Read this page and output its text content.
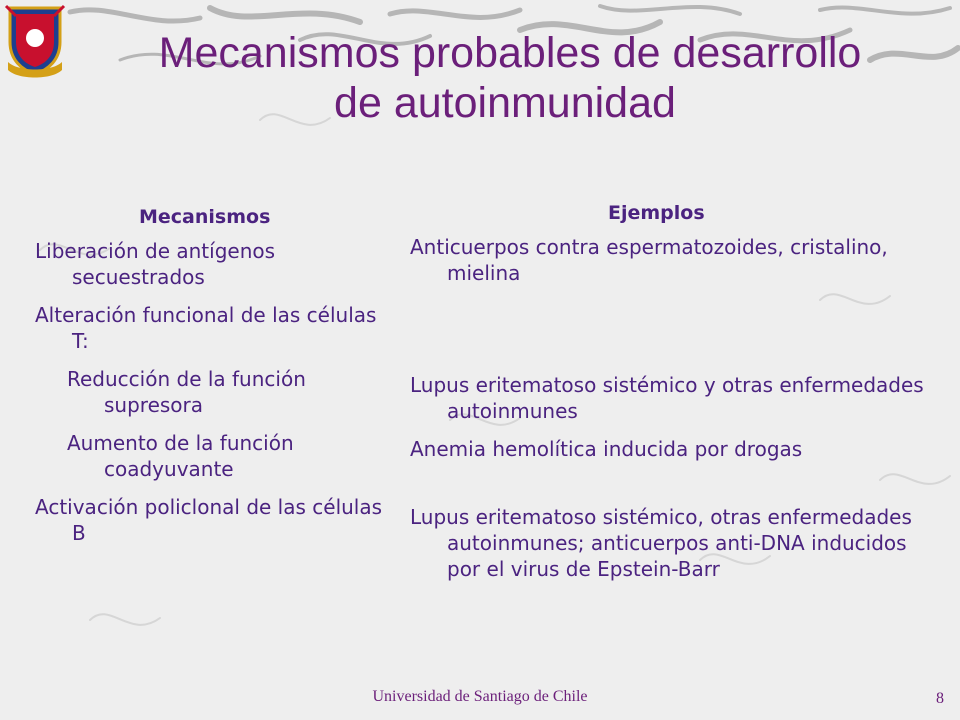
Mecanismos probables de desarrollo
de autoinmunidad
Mecanismos
Liberación de antígenos secuestrados
Alteración funcional de las células T:
Reducción de la función supresora
Aumento de la función coadyuvante
Activación policlonal de las células B
Ejemplos
Anticuerpos contra espermatozoides, cristalino, mielina
Lupus eritematoso sistémico y otras enfermedades autoinmunes
Anemia hemolítica inducida por drogas
Lupus eritematoso sistémico, otras enfermedades autoinmunes; anticuerpos anti-DNA inducidos por el virus de Epstein-Barr
Universidad de Santiago de Chile	8
